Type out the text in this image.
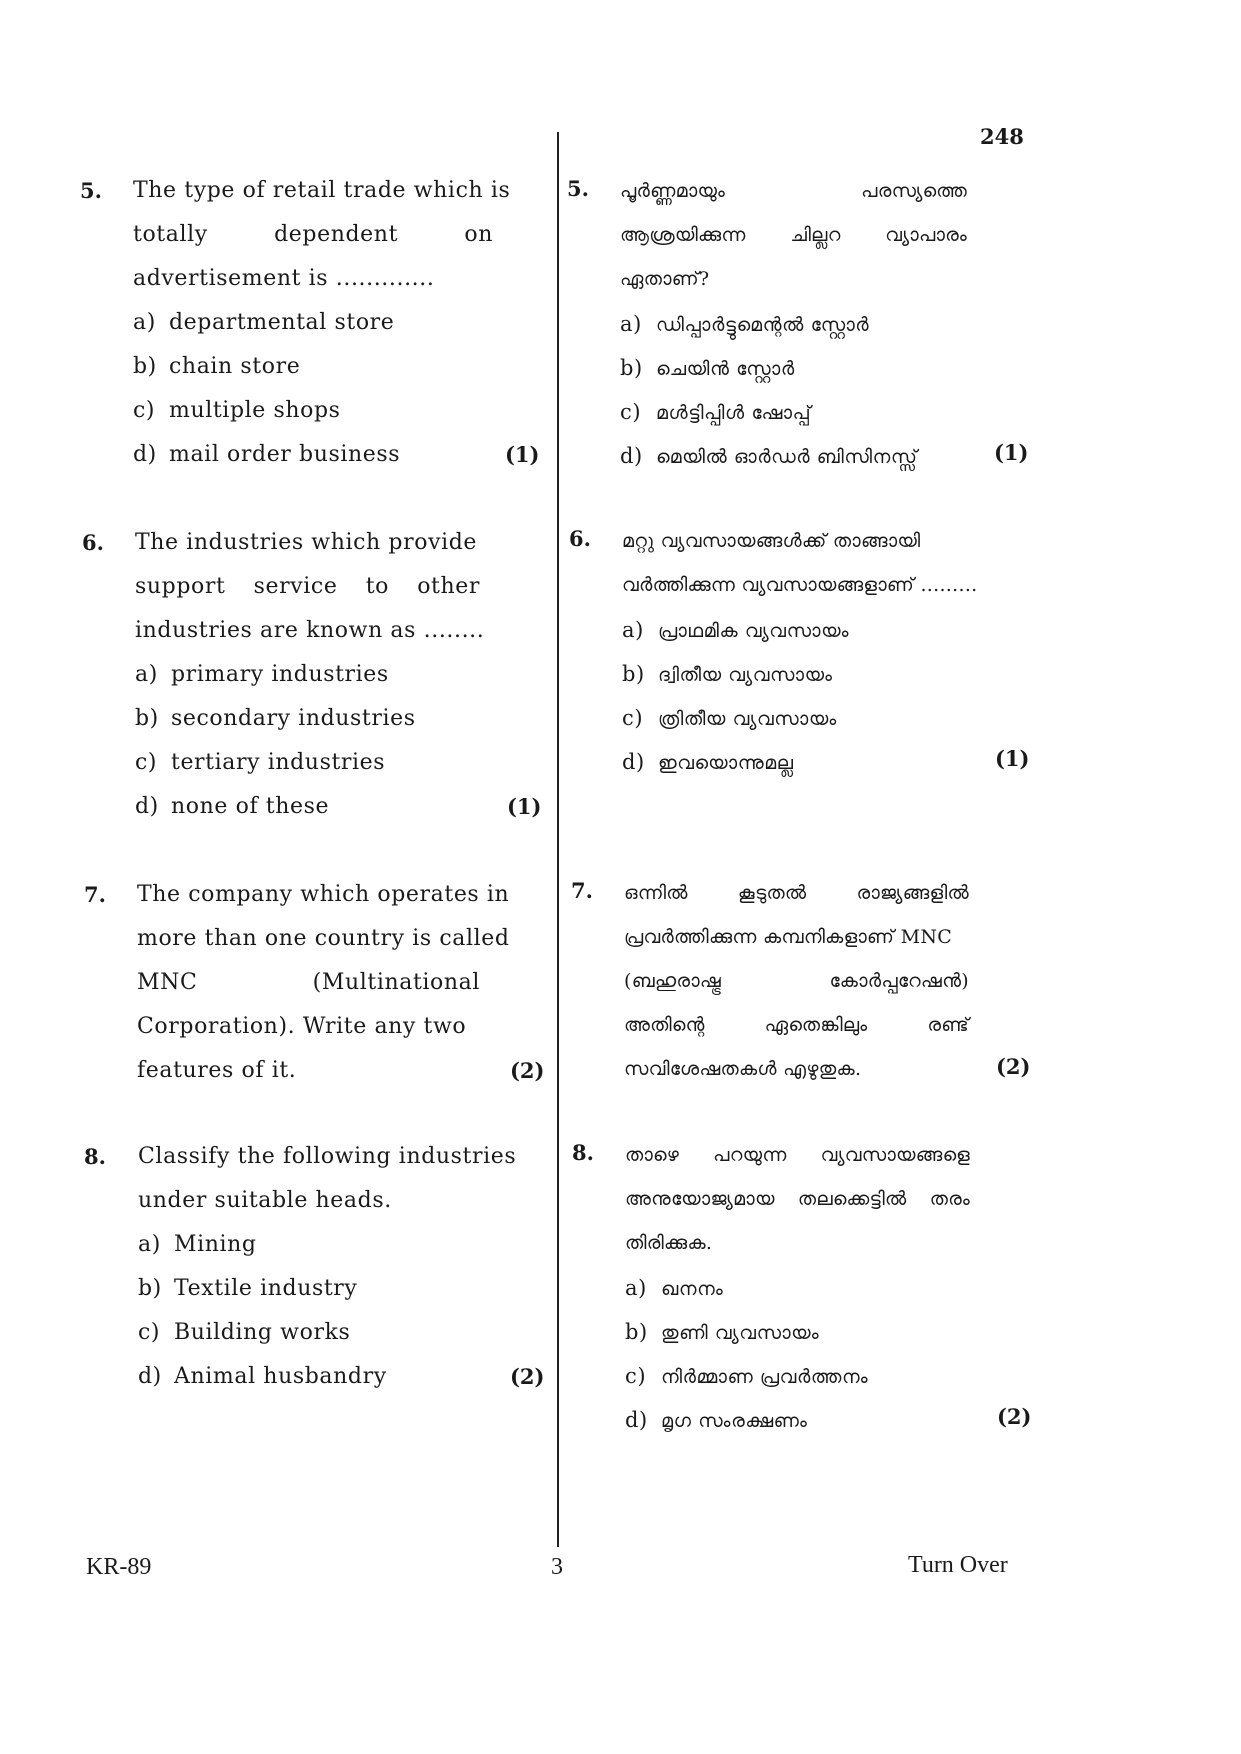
248
5. The type of retail trade which is
totally dependent on
advertisement is .............
a) departmental store
b) chain store
c) multiple shops
d) mail order business	(1)
6. The industries which provide
support service to other
industries are known as ........
a) primary industries
b) secondary industries
c) tertiary industries
d) none of these	(1)
7. The company which operates in
more than one country is called
MNC (Multinational
Corporation). Write any two
features of it.	(2)
8. Classify the following industries
under suitable heads.
a) Mining
b) Textile industry
c) Building works
d) Animal husbandry	(2)
5. പൂർണ്ണമായും പരസ്യത്തെ
ആശ്രയിക്കുന്ന ചില്ലറ വ്യാപാരം
ഏതാണ്?
a) ഡിപ്പാർട്ടുമെന്റൽ സ്റ്റോർ
b) ചെയിൻ സ്റ്റോർ
c) മൾട്ടിപ്പിൾ ഷോപ്പ്
d) മെയിൽ ഓർഡർ ബിസിനസ്സ്	(1)
6. മറ്റു വ്യവസായങ്ങൾക്ക് താങ്ങായി
വർത്തിക്കുന്ന വ്യവസായങ്ങളാണ് .........
a) പ്രാഥമിക വ്യവസായം
b) ദ്വിതീയ വ്യവസായം
c) ത്രിതീയ വ്യവസായം
d) ഇവയൊന്നുമല്ല	(1)
7. ഒന്നിൽ കൂടുതൽ രാജ്യങ്ങളിൽ
പ്രവർത്തിക്കുന്ന കമ്പനികളാണ് MNC
(ബഹുരാഷ്ട്ര കോർപ്പറേഷൻ)
അതിന്റെ ഏതെങ്കിലും രണ്ട്
സവിശേഷതകൾ എഴുതുക.	(2)
8. താഴെ പറയുന്ന വ്യവസായങ്ങളെ
അനുയോജ്യമായ തലക്കെട്ടിൽ തരം
തിരിക്കുക.
a) ഖനനം
b) തുണി വ്യവസായം
c) നിർമ്മാണ പ്രവർത്തനം
d) മൃഗ സംരക്ഷണം	(2)
KR-89	3	Turn Over
